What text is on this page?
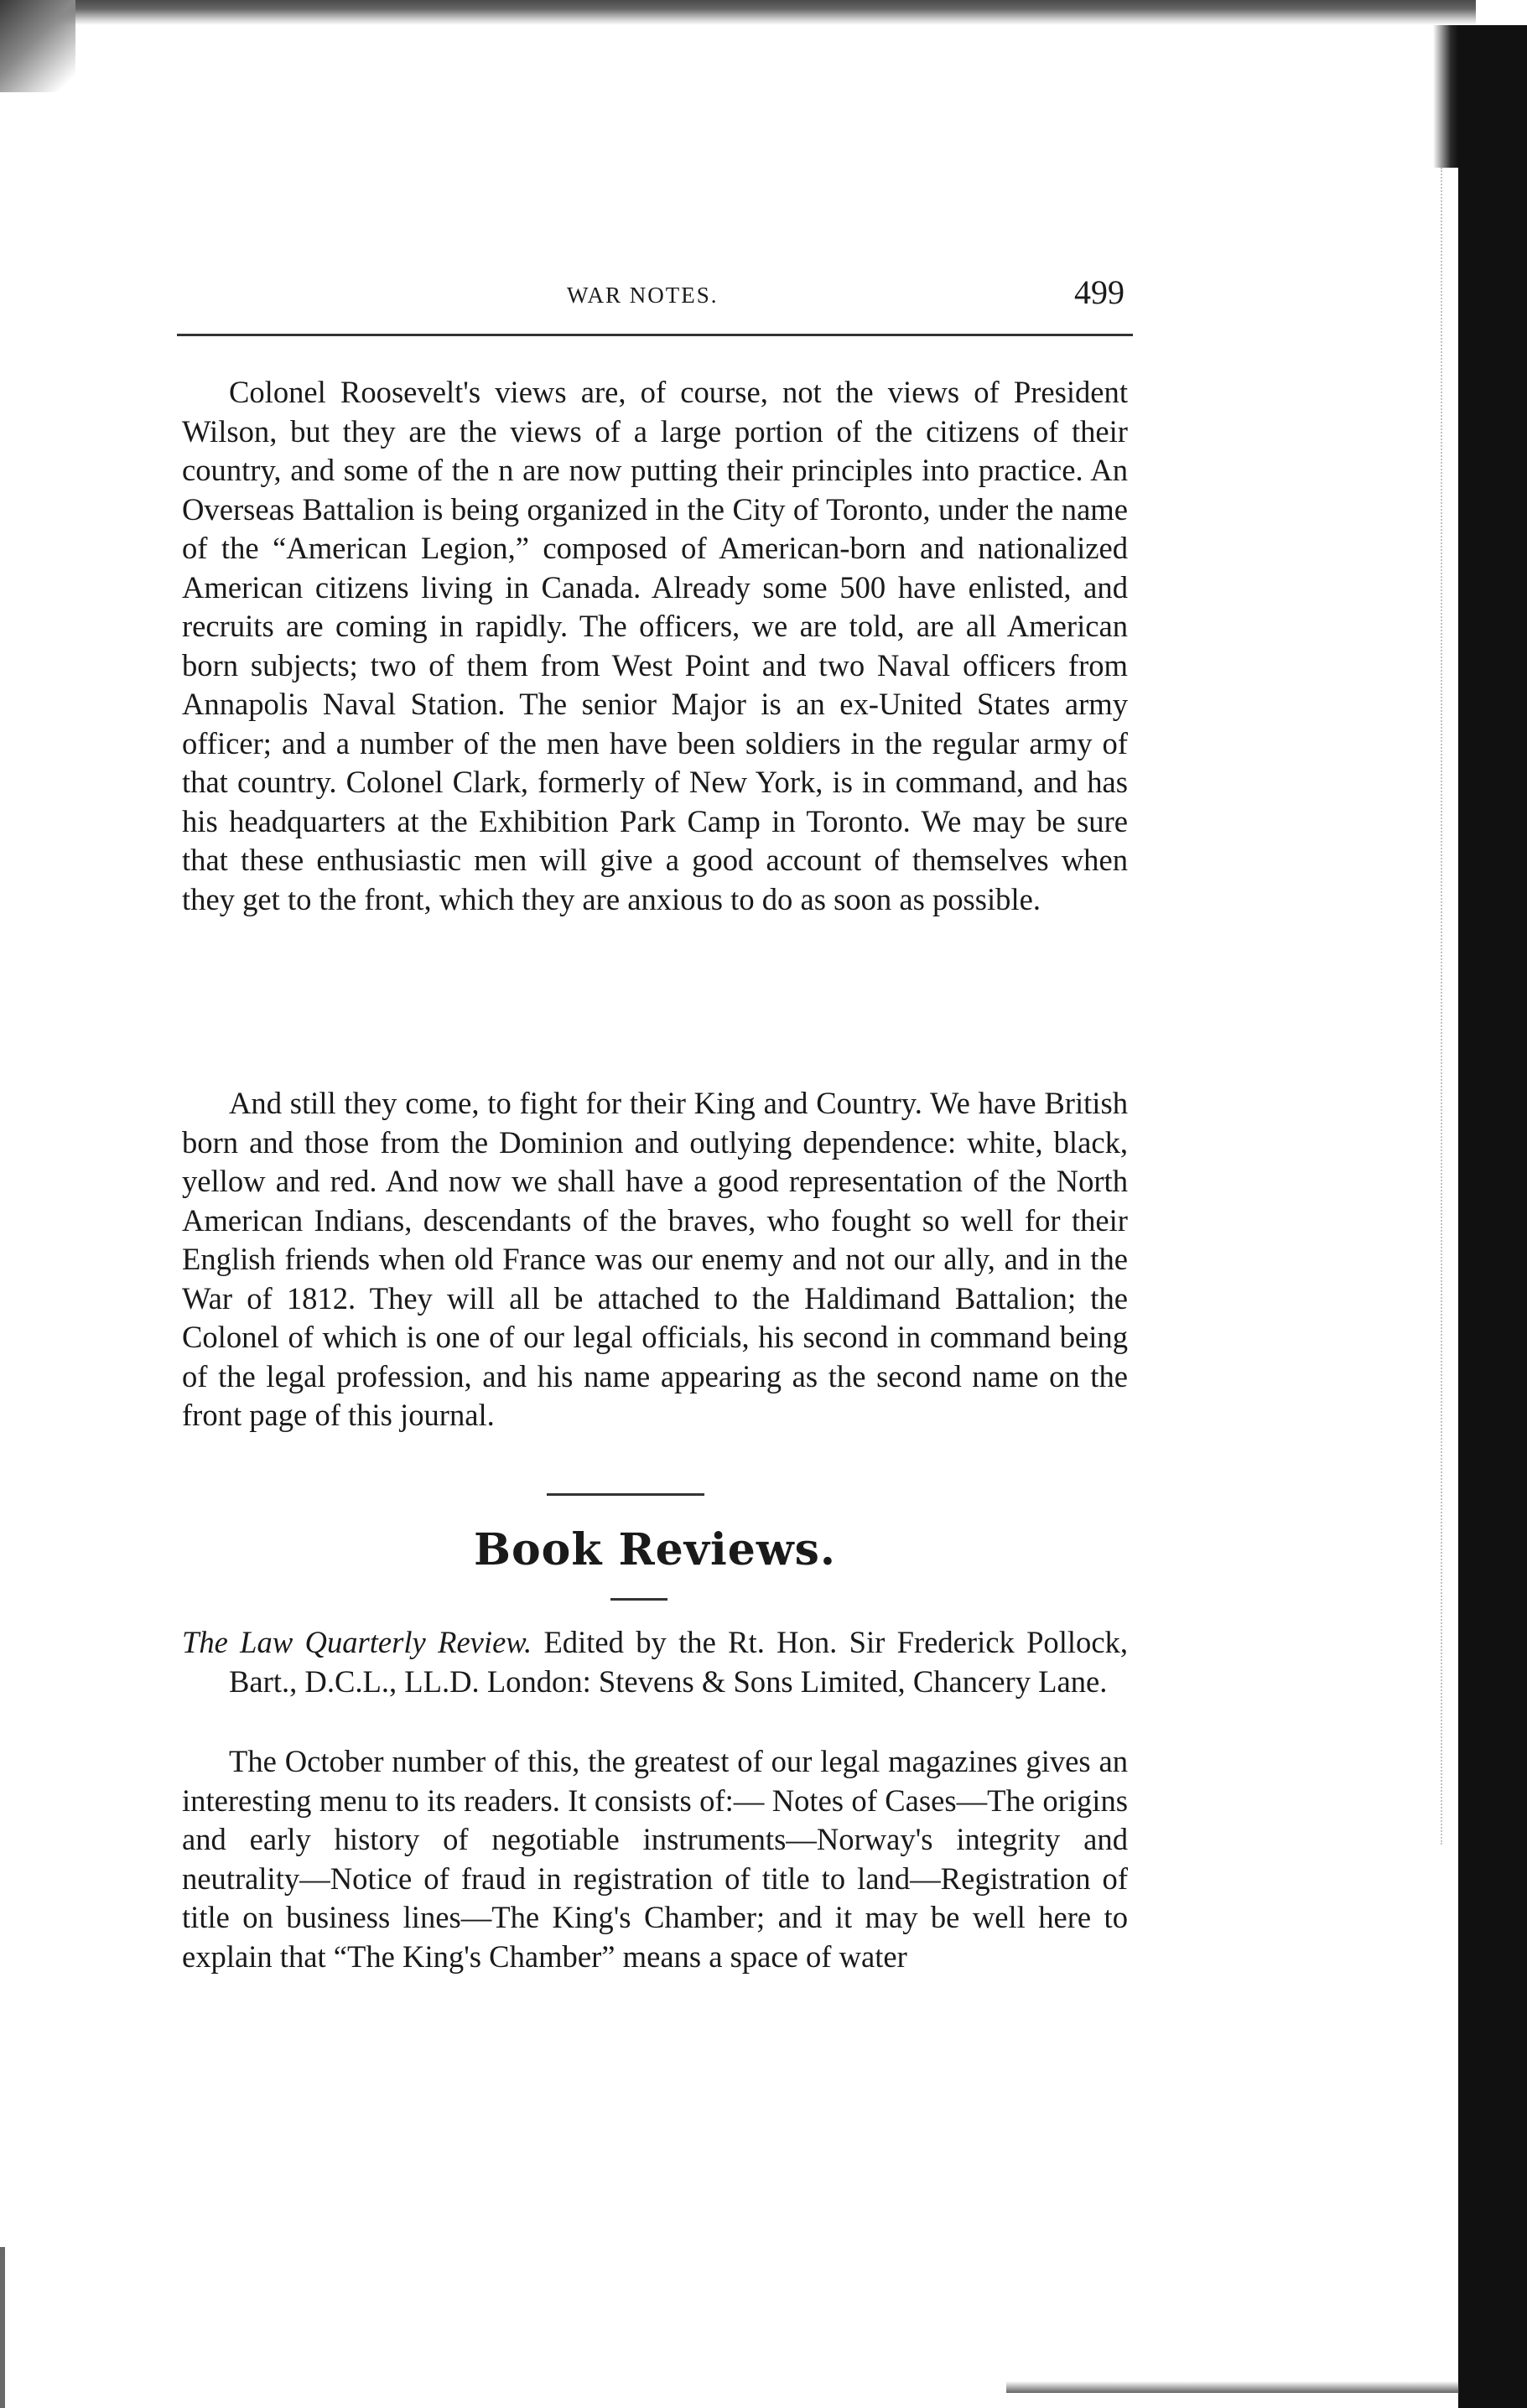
WAR NOTES.	499

Colonel Roosevelt's views are, of course, not the views of President Wilson, but they are the views of a large portion of the citizens of their country, and some of the n are now putting their principles into practice. An Overseas Battalion is being organized in the City of Toronto, under the name of the “American Legion,” composed of American-born and nationalized American citizens living in Canada. Already some 500 have enlisted, and recruits are coming in rapidly. The officers, we are told, are all American born subjects; two of them from West Point and two Naval officers from Annapolis Naval Station. The senior Major is an ex-United States army officer; and a number of the men have been soldiers in the regular army of that country. Colonel Clark, formerly of New York, is in command, and has his headquarters at the Exhibition Park Camp in Toronto. We may be sure that these enthusiastic men will give a good account of themselves when they get to the front, which they are anxious to do as soon as possible.

And still they come, to fight for their King and Country. We have British born and those from the Dominion and outlying dependence: white, black, yellow and red. And now we shall have a good representation of the North American Indians, descendants of the braves, who fought so well for their English friends when old France was our enemy and not our ally, and in the War of 1812. They will all be attached to the Haldimand Battalion; the Colonel of which is one of our legal officials, his second in command being of the legal profession, and his name appearing as the second name on the front page of this journal.

Book Reviews.

The Law Quarterly Review. Edited by the Rt. Hon. Sir Frederick Pollock, Bart., D.C.L., LL.D. London: Stevens & Sons Limited, Chancery Lane.

The October number of this, the greatest of our legal magazines gives an interesting menu to its readers. It consists of:— Notes of Cases—The origins and early history of negotiable instruments—Norway's integrity and neutrality—Notice of fraud in registration of title to land—Registration of title on business lines—The King's Chamber; and it may be well here to explain that “The King's Chamber” means a space of water
